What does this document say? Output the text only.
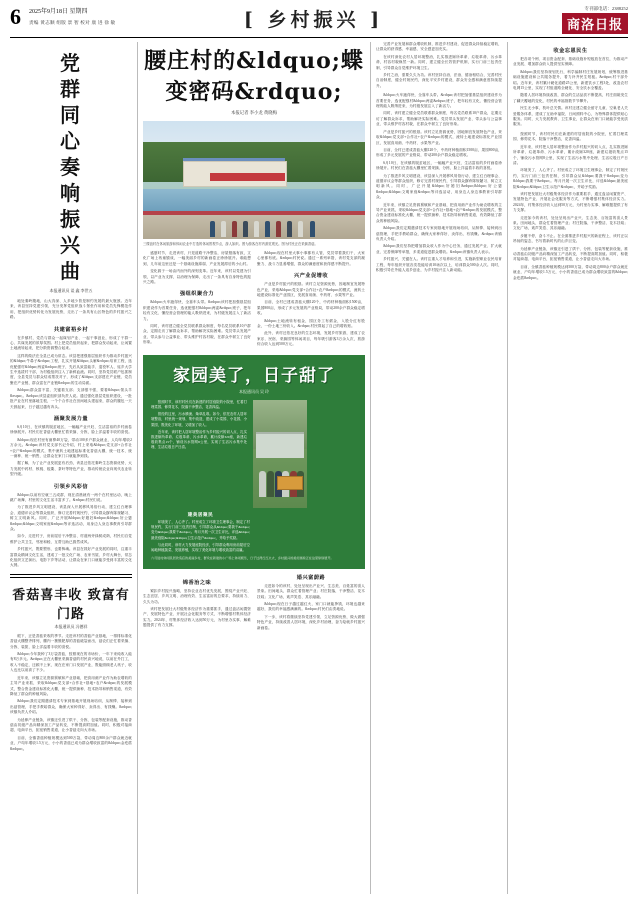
6 2025年9月18日 星期四
责编 黄志顺 组版 景 智 校对 康 进 徐 敏	[ 乡村振兴 ]
专刊部电话：2388252
商洛日报
党
群
同
心
奏
响
振
兴
曲
本报通讯员 谈 鑫 李世五

地处秦岭腹地，山大沟深、人多地少曾是制约发展的最大瓶颈。近年来，该县坚持党建引领，充分发挥党组织战斗堡垒作用和党员先锋模范作用，把组织优势转化为发展优势，走出了一条具有山区特色的乡村振兴之路。

共建富裕乡村

在乡镇村，党员与群众一起谋划产业、一起干事创业，形成了干群一心、共谋发展的浓厚氛围。村上把党员组织起来，把群众发动起来，让闲置土地流转起来，把分散资源整合起来。

这样的做法在全县已成为常态。该县把建强基层组织作为推动乡村振兴的&ldquo;牛鼻子&rdquo;工程，扎实开展&ldquo;头雁&rdquo;培育工程，选优配强村&ldquo;两委&rdquo;班子，先后从致富能手、退役军人、返乡大学生中选拔村干部，为村级组织注入了新鲜血液。同时，坚持党员联户包抓制度，全县党员与群众结成帮扶对子，形成了&ldquo;支部建在产业链、党员聚在产业链、群众富在产业链&rdquo;的生动局面。

&ldquo;群众富不富，关键看支部；支部强不强，要看&lsquo;领头羊&rsquo;。&rdquo;该县委组织部负责人说。通过强化基层党组织建设，一批批产业在村里落地生根，一个个合作社在田间地头建起来，群众的腰包一天天鼓起来，日子越过越有奔头。

涵聚发展力量

6月10日，在该镇的脱贫地区，一幅幅产业兴旺、生活富裕的乡村画卷徐徐展开。村民们在香菇大棚里忙着采摘、分拣，脸上洋溢着丰收的喜悦。

&ldquo;现在村里有菌棒40万袋，带动100多户群众就业，人均年增收2万余元。&rdquo;该村党支部书记介绍，村上采取&ldquo;党支部+合作社+农户&rdquo;的模式，集中流转土地建起标准化香菇大棚，统一技术、统一菌种、统一销售，让群众在家门口就能挣到钱。

据了解，为了让产业发展更有后劲，该县还依托秦岭生态资源优势，大力发展中药材、核桃、板栗、茶叶等特色产业，推动传统农业向现代农业转型升级。

引领乡风彩信

&ldquo;以前有空就三五成群，现在清晨就有一两个在村里运动，晚上跳广场舞，村里的文化生活丰富多了。&rdquo;村民们说。

为了推进乡风文明建设，该县深入开展移风易俗行动，建立红白理事会、道德评议会等群众组织，修订完善村规民约，引导群众摒弃陈规陋习、树立文明新风。同时，广泛开展&ldquo;好媳妇&rdquo;&ldquo;好公婆&rdquo;&ldquo;文明家庭&rdquo;等评选活动，用身边人身边事教育引导群众。

如今，走进村子，房前屋后干净整洁、村道两旁绿树成荫，村民们自觉维护公共卫生，邻里和睦、互帮互助已蔚然成风。

乡村振兴，既要塑形，也要铸魂。该县在抓好产业发展的同时，注重丰富群众精神文化生活，建成了一批文化广场、农家书屋、乡村大舞台，常态化组织文艺演出、电影下乡等活动，让群众在家门口就能享受到丰富的文化大餐。

香菇喜丰收 致富有门路
本报通讯员 冯德祥

眼下，正是香菇采收的季节。走进该村的香菇产业基地，一排排标准化香菇大棚整齐排列，棚内一簇簇肥厚的香菇破袋而出，菇农们正忙着采摘、分拣、装筐，脸上洋溢着丰收的喜悦。

&ldquo;今年我种了3万袋香菇，按照现在的市场价，一年下来纯收入能有8万多元。&rdquo;正在大棚里采摘香菇的村民高兴地说，以前在外打工，收入不稳定，还顾不上家，现在在家门口发展产业，既能照顾老人孩子，收入也比以前高了不少。

近年来，该镇立足资源禀赋和产业基础，把食用菌产业作为助农增收的主导产业来抓，采取&ldquo;党支部+合作社+基地+农户&rdquo;的发展模式，整合资金建设标准化大棚，统一提供菌种、技术指导和销售渠道，有效降低了群众的种植风险。

&ldquo;我们定期邀请技术专家到基地开展现场培训，从制棒、接种到出菇管理，手把手教给群众，确保大家种得好、卖得出、有钱赚。&rdquo;该镇负责人介绍。

为延伸产业链条，该镇还引进了烘干、分拣、包装等配套设施，推动香菇由初级产品向精深加工产品转变，不断提高附加值。同时，积极对接商超、电商平台，拓宽销售渠道，让小香菇走向大市场。

目前，全镇香菇种植规模达到500万袋，带动周边800余户群众就近就业，户均年增收1.5万元，小小的香菇已成为群众增收致富的&ldquo;金疙瘩&rdquo;。

腰庄村的&ldquo;蝶变密码&rdquo;
本报记者 李小龙 黄晓梅
三棵浪村在休闲旅游和休闲农业中打造的休闲景观节点，游人如织。图为游客在村内游览观光。图为村民正在采摘香菇。

盛夏时节，走进该村，只见道路干净整洁，房屋错落有致，文化广场上孩童嬉戏，一幅美丽乡村的新画卷正徐徐展开。谁能想到，几年前这里还是一个基础设施薄弱、产业发展滞后的小山村。

变化源于一场由内而外的深刻变革。近年来，该村以党建为引领，以产业为支撑，以治理为保障，走出了一条具有自身特色的振兴之路。

强组织聚合力

&ldquo;火车跑得快，全靠车头带。&rdquo;该村把加强基层组织建设作为首要任务，选优配强村&ldquo;两委&rdquo;班子，把年轻有文化、懂经营会管理的能人吸纳进来，为村级发展注入了新活力。

同时，该村建立健全党员联系群众制度，每名党员联系10户群众，定期走访了解群众诉求，帮助解决实际困难。党员带头发展产业、带头参与公益事业、带头维护村容村貌，在群众中树立了良好形象。

&ldquo;现在村里大事小事都有人管，党员带着我们干，大家心里都有底。&rdquo;村民说。通过一系列举措，该村党支部的凝聚力、战斗力显著增强，群众的满意度和获得感不断提升。

兴产业促增收

产业是乡村振兴的根基。该村立足资源优势，因地制宜发展特色产业，采取&ldquo;党支部+合作社+农户&rdquo;的模式，流转土地建设标准化产业园区，发展食用菌、中药材、水果等产业。

目前，全村已建成香菇大棚120个，中药材种植面积1500亩，果园800亩，形成了多元发展的产业格局，带动200余户群众稳定增收。

&ldquo;土地流转有租金，园区务工有薪金，入股分红有股金，一份土地三份收入。&rdquo;村民算起了自己的增收账。

此外，该村还依托良好的生态环境，发展乡村旅游，建成了农家乐、民宿、采摘园等休闲项目，每年吸引游客3万余人次，旅游综合收入达到500万元。

家园美了，日子甜了
本报通讯员 吴 玲

按照时节，该村村民们在新建的村居庭院的小院里，忙着打理菜园、修剪花木，院落干净整洁，花香四溢。

曾经的这里，污水横流、柴草乱堆。如今，依托农村人居环境整治，村里统一规划、集中改造，建成了小菜园、小花园、小果园，既美化了环境，又增加了收入。

近年来，该村把人居环境整治作为乡村振兴的切入点，扎实推进厕所革命、垃圾革命、污水革命，累计改厕320座，新建垃圾收集点15个，铺设污水管网8公里，实现了生活污水集中处理、生活垃圾日产日清。

建美居聚民

环境美了，人心齐了。村里成立了环境卫生理事会，制定了村规民约，实行门前三包责任制，引导群众从&ldquo;要我干&rdquo;变为&ldquo;我要干&rdquo;。每月开展一次卫生评比，评选&ldquo;最美庭院&rdquo;&ldquo;卫生示范户&rdquo;，并给予奖励。

与此同时，该村大力发展庭院经济，引导群众利用房前屋后空闲地种植蔬菜、发展养殖，实现了美化环境与增收致富的双赢。

六月进村休闲民居改造后的美丽乡村，群众在新建的小广场上休闲娱乐，日子过得红红火火，乡村振兴的美好画卷正在这里徐徐展开。
锦香治之味

紧扣乡村振兴战略，坚持农业农村优先发展，围绕产业兴旺、生态宜居、乡风文明、治理有效、生活富裕的总要求，持续用力、久久为功。

该村把发展壮大村级集体经济作为重要抓手，通过盘活闲置资产、发展特色产业、开展社会化服务等方式，不断增强村集体经济实力。2024年，村集体经济收入达到50万元，为村里办实事、解难题提供了有力支撑。

婚兴富蔚路

走进如今的该村，处处呈现出产业兴、生态美、百姓富的喜人景象。田间地头，群众忙着管理产业；村庄院落，干净整洁、花木扶疏；文化广场，欢声笑语、其乐融融。

&ldquo;现在日子越过越红火，家门口就能挣钱，环境也越来越好，我们的幸福感满满的。&rdquo;村民们由衷地说。

下一步，该村将继续坚持党建引领，立足资源优势，做大做强特色产业，持续改善人居环境，深化乡村治理，奋力绘就乡村振兴新画卷。

完善产业发展和群众增收机制，推进乡村建设，促进群众持续稳定增收，让群众的获得感、幸福感、安全感更加充实。

在该村深化农村人居环境整治，扎实推进厕所革命、垃圾革命、污水革命，村容村貌焕然一新。同时，建立健全长效管护机制，实行门前三包责任制，引导群众自觉维护环境卫生。

乡村之治，需要久久为功。该村坚持自治、法治、德治相结合，完善村民自治制度，健全村规民约，深化平安乡村建设，群众安全感和满意度持续提升。

&ldquo;火车跑得快，全靠车头带。&rdquo;该村把加强基层组织建设作为首要任务，选优配强村&ldquo;两委&rdquo;班子，把年轻有文化、懂经营会管理的能人吸纳进来，为村级发展注入了新活力。

同时，该村建立健全党员联系群众制度，每名党员联系10户群众，定期走访了解群众诉求，帮助解决实际困难。党员带头发展产业、带头参与公益事业、带头维护村容村貌，在群众中树立了良好形象。

产业是乡村振兴的根基。该村立足资源优势，因地制宜发展特色产业，采取&ldquo;党支部+合作社+农户&rdquo;的模式，流转土地建设标准化产业园区，发展食用菌、中药材、水果等产业。

目前，全村已建成香菇大棚120个，中药材种植面积1500亩，果园800亩，形成了多元发展的产业格局，带动200余户群众稳定增收。

6月10日，在该镇的脱贫地区，一幅幅产业兴旺、生活富裕的乡村画卷徐徐展开。村民们在香菇大棚里忙着采摘、分拣，脸上洋溢着丰收的喜悦。

为了推进乡风文明建设，该县深入开展移风易俗行动，建立红白理事会、道德评议会等群众组织，修订完善村规民约，引导群众摒弃陈规陋习、树立文明新风。同时，广泛开展&ldquo;好媳妇&rdquo;&ldquo;好公婆&rdquo;&ldquo;文明家庭&rdquo;等评选活动，用身边人身边事教育引导群众。

近年来，该镇立足资源禀赋和产业基础，把食用菌产业作为助农增收的主导产业来抓，采取&ldquo;党支部+合作社+基地+农户&rdquo;的发展模式，整合资金建设标准化大棚，统一提供菌种、技术指导和销售渠道，有效降低了群众的种植风险。

&ldquo;我们定期邀请技术专家到基地开展现场培训，从制棒、接种到出菇管理，手把手教给群众，确保大家种得好、卖得出、有钱赚。&rdquo;该镇负责人介绍。

&ldquo;我们坚持把增加群众收入作为中心任务，通过发展产业、扩大就业、完善保障等举措，多渠道促进群众增收。&rdquo;该镇负责人表示。

乡村振兴，关键在人。该村注重人才培养和引进，实施新型职业农民培育工程，每年组织开展各类技能培训10场次以上，培训群众500余人次。同时，积极引导在外能人返乡创业，为乡村振兴注入新动能。

收金忘恩民生

把各项个例、项目资金配套、基础设施补短板放在首位，为推动产业发展、增加群众收入提供坚实保障。

&ldquo;我们坚持规划先行，科学编制村庄发展规划，统筹推进基础设施建设和公共服务提升，着力补齐民生短板。&rdquo;村干部介绍。近年来，该村累计硬化道路25公里，新建饮水工程3处，改造农村电网15公里，实现了村组道路全硬化、安全饮水全覆盖。

随着人居环境持续改善，群众的生活品质不断提高，村庄面貌发生了翻天覆地的变化，村民的幸福指数节节攀升。

民生无小事，枝叶总关情。该村还建立健全留守儿童、空巢老人关爱服务体系，建成了互助幸福院、日间照料中心，为特殊群体提供贴心服务。同时，大力发展教育、卫生事业，让群众在家门口就能享受优质服务。

按照时节，该村村民们在新建的村居庭院的小院里，忙着打理菜园、修剪花木，院落干净整洁，花香四溢。

近年来，该村把人居环境整治作为乡村振兴的切入点，扎实推进厕所革命、垃圾革命、污水革命，累计改厕320座，新建垃圾收集点15个，铺设污水管网8公里，实现了生活污水集中处理、生活垃圾日产日清。

环境美了，人心齐了。村里成立了环境卫生理事会，制定了村规民约，实行门前三包责任制，引导群众从&ldquo;要我干&rdquo;变为&ldquo;我要干&rdquo;。每月开展一次卫生评比，评选&ldquo;最美庭院&rdquo;&ldquo;卫生示范户&rdquo;，并给予奖励。

该村把发展壮大村级集体经济作为重要抓手，通过盘活闲置资产、发展特色产业、开展社会化服务等方式，不断增强村集体经济实力。2024年，村集体经济收入达到50万元，为村里办实事、解难题提供了有力支撑。

走进如今的该村，处处呈现出产业兴、生态美、百姓富的喜人景象。田间地头，群众忙着管理产业；村庄院落，干净整洁、花木扶疏；文化广场，欢声笑语、其乐融融。

步履不停，奋斗不止。在全面推进乡村振兴的新征程上，该村正以昂扬的姿态，书写着新时代的山乡巨变。

为延伸产业链条，该镇还引进了烘干、分拣、包装等配套设施，推动香菇由初级产品向精深加工产品转变，不断提高附加值。同时，积极对接商超、电商平台，拓宽销售渠道，让小香菇走向大市场。

目前，全镇香菇种植规模达到500万袋，带动周边800余户群众就近就业，户均年增收1.5万元，小小的香菇已成为群众增收致富的&ldquo;金疙瘩&rdquo;。
